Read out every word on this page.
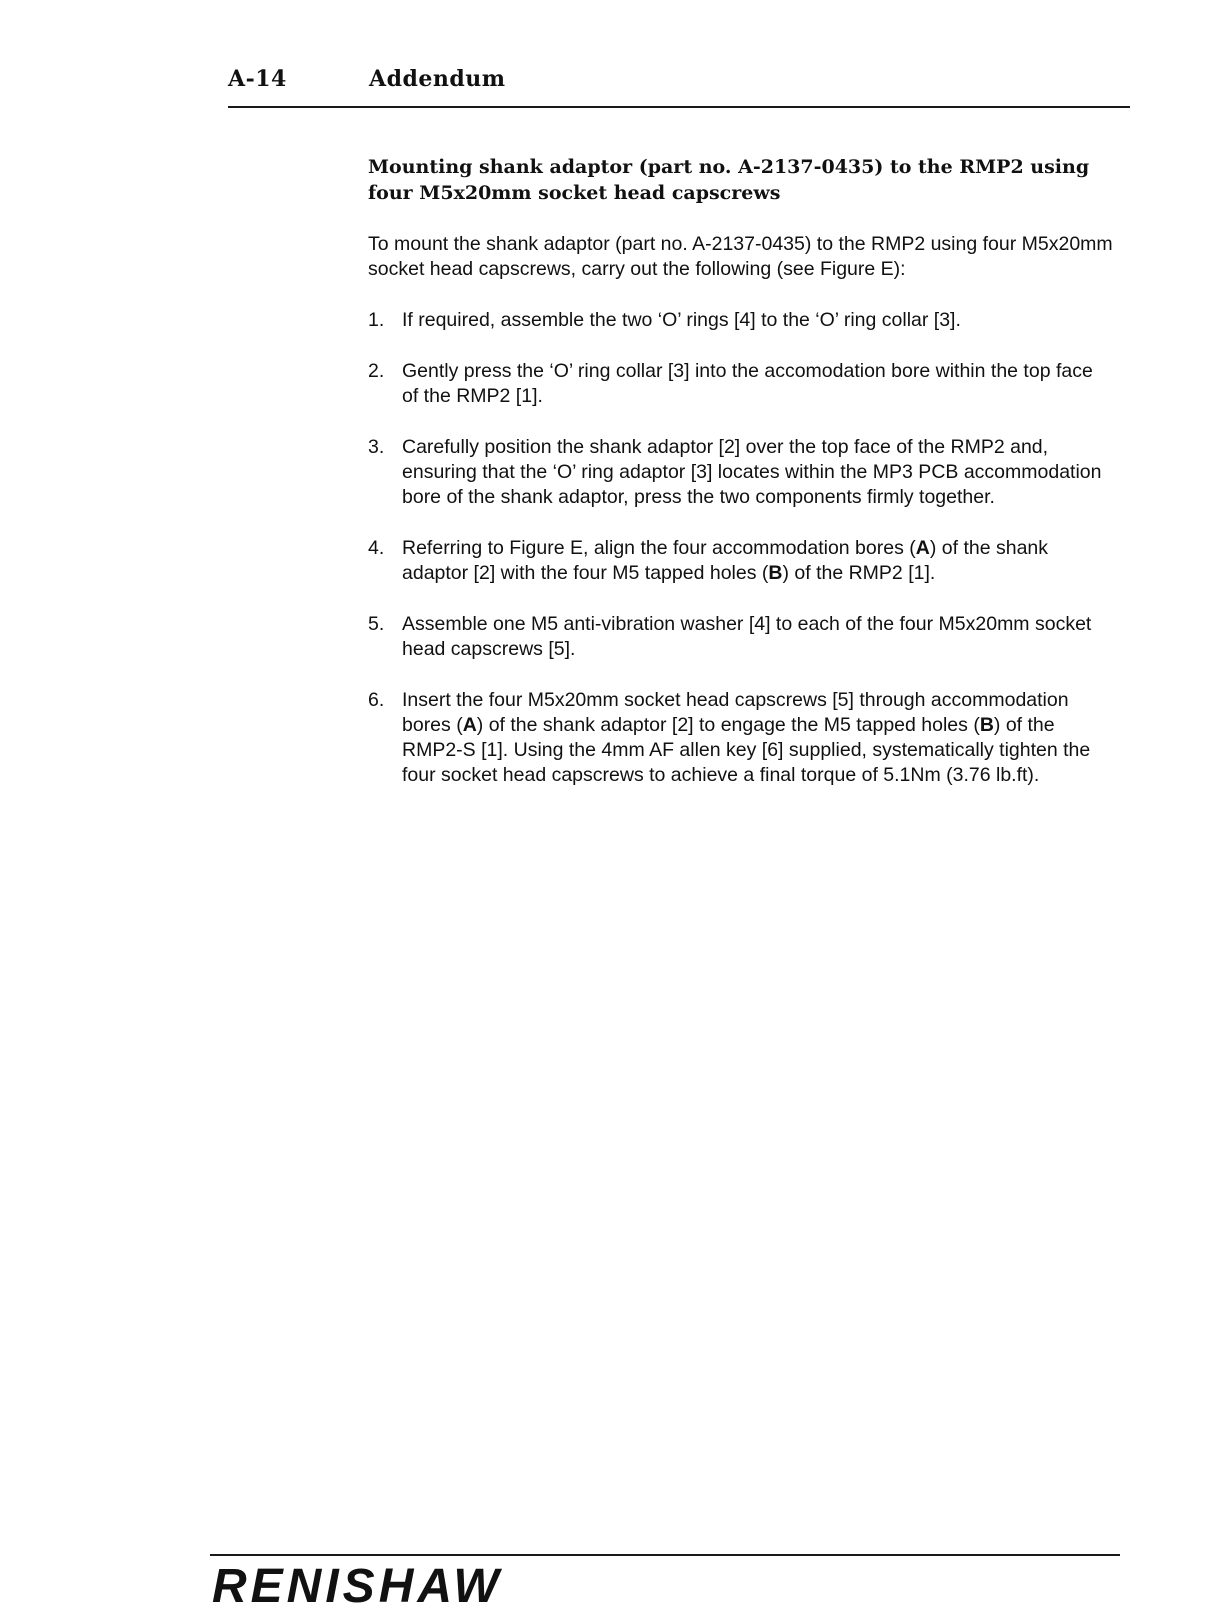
A-14	Addendum

Mounting shank adaptor (part no. A-2137-0435) to the RMP2 using four M5x20mm socket head capscrews

To mount the shank adaptor (part no. A-2137-0435) to the RMP2 using four M5x20mm socket head capscrews, carry out the following (see Figure E):

1. If required, assemble the two ‘O’ rings [4] to the ‘O’ ring collar [3].
2. Gently press the ‘O’ ring collar [3] into the accomodation bore within the top face of the RMP2 [1].
3. Carefully position the shank adaptor [2] over the top face of the RMP2 and, ensuring that the ‘O’ ring adaptor [3] locates within the MP3 PCB accommodation bore of the shank adaptor, press the two components firmly together.
4. Referring to Figure E, align the four accommodation bores (A) of the shank adaptor [2] with the four M5 tapped holes (B) of the RMP2 [1].
5. Assemble one M5 anti-vibration washer [4] to each of the four M5x20mm socket head capscrews [5].
6. Insert the four M5x20mm socket head capscrews [5] through accommodation bores (A) of the shank adaptor [2] to engage the M5 tapped holes (B) of the RMP2-S [1]. Using the 4mm AF allen key [6] supplied, systematically tighten the four socket head capscrews to achieve a final torque of 5.1Nm (3.76 lb.ft).
RENISHAW
